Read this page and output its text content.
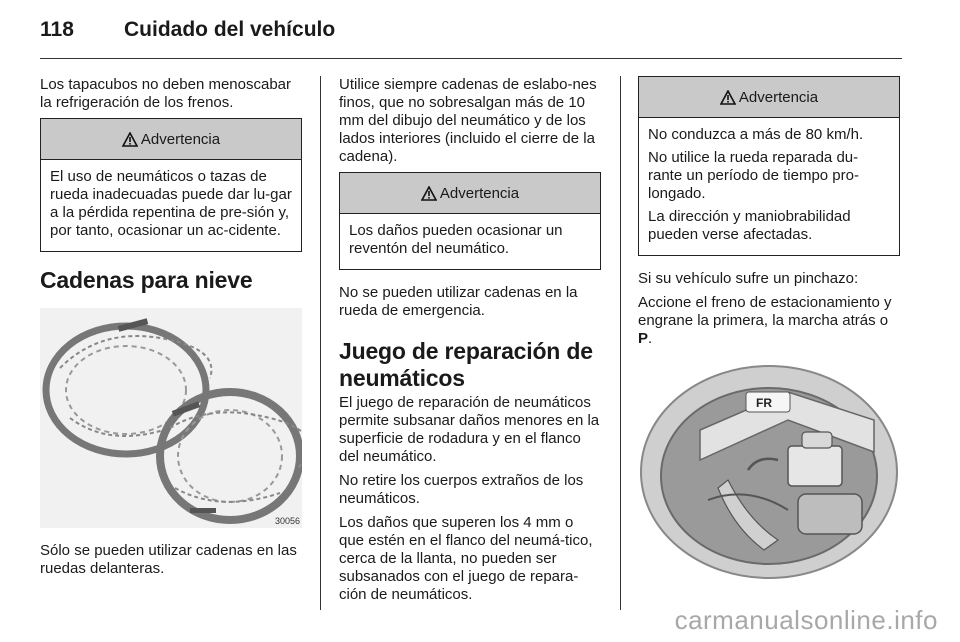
118 Cuidado del vehículo

Los tapacubos no deben menoscabar la refrigeración de los frenos.

Advertencia

El uso de neumáticos o tazas de rueda inadecuadas puede dar lu-gar a la pérdida repentina de pre-sión y, por tanto, ocasionar un ac-cidente.

Cadenas para nieve
30056

Sólo se pueden utilizar cadenas en las ruedas delanteras.

Utilice siempre cadenas de eslabo-nes finos, que no sobresalgan más de 10 mm del dibujo del neumático y de los lados interiores (incluido el cierre de la cadena).

Advertencia

Los daños pueden ocasionar un reventón del neumático.

No se pueden utilizar cadenas en la rueda de emergencia.

Juego de reparación de neumáticos

El juego de reparación de neumáticos permite subsanar daños menores en la superficie de rodadura y en el flanco del neumático.

No retire los cuerpos extraños de los neumáticos.

Los daños que superen los 4 mm o que estén en el flanco del neumá-tico, cerca de la llanta, no pueden ser subsanados con el juego de repara-ción de neumáticos.

Advertencia

No conduzca a más de 80 km/h.

No utilice la rueda reparada du-rante un período de tiempo pro-longado.

La dirección y maniobrabilidad pueden verse afectadas.

Si su vehículo sufre un pinchazo:

Accione el freno de estacionamiento y engrane la primera, la marcha atrás o P.

FR
carmanualsonline.info
